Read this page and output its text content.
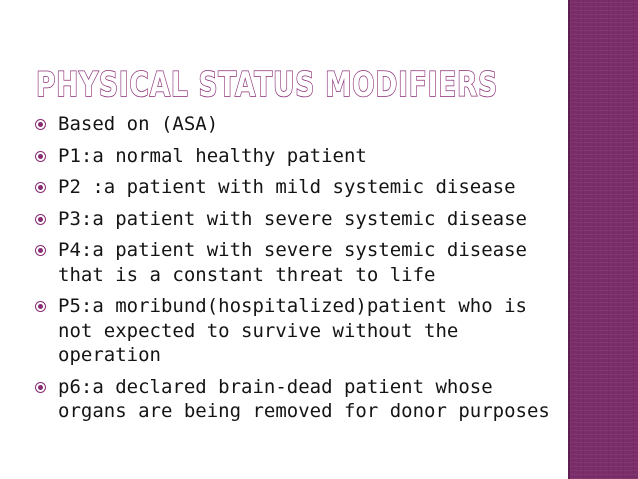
PHYSICAL STATUS MODIFIERS
Based on (ASA)
P1:a normal healthy patient
P2 :a patient with mild systemic disease
P3:a patient with severe systemic disease
P4:a patient with severe systemic disease
that is a constant threat to life
P5:a moribund(hospitalized)patient who is
not expected to survive without the
operation
p6:a declared brain-dead patient whose
organs are being removed for donor purposes
